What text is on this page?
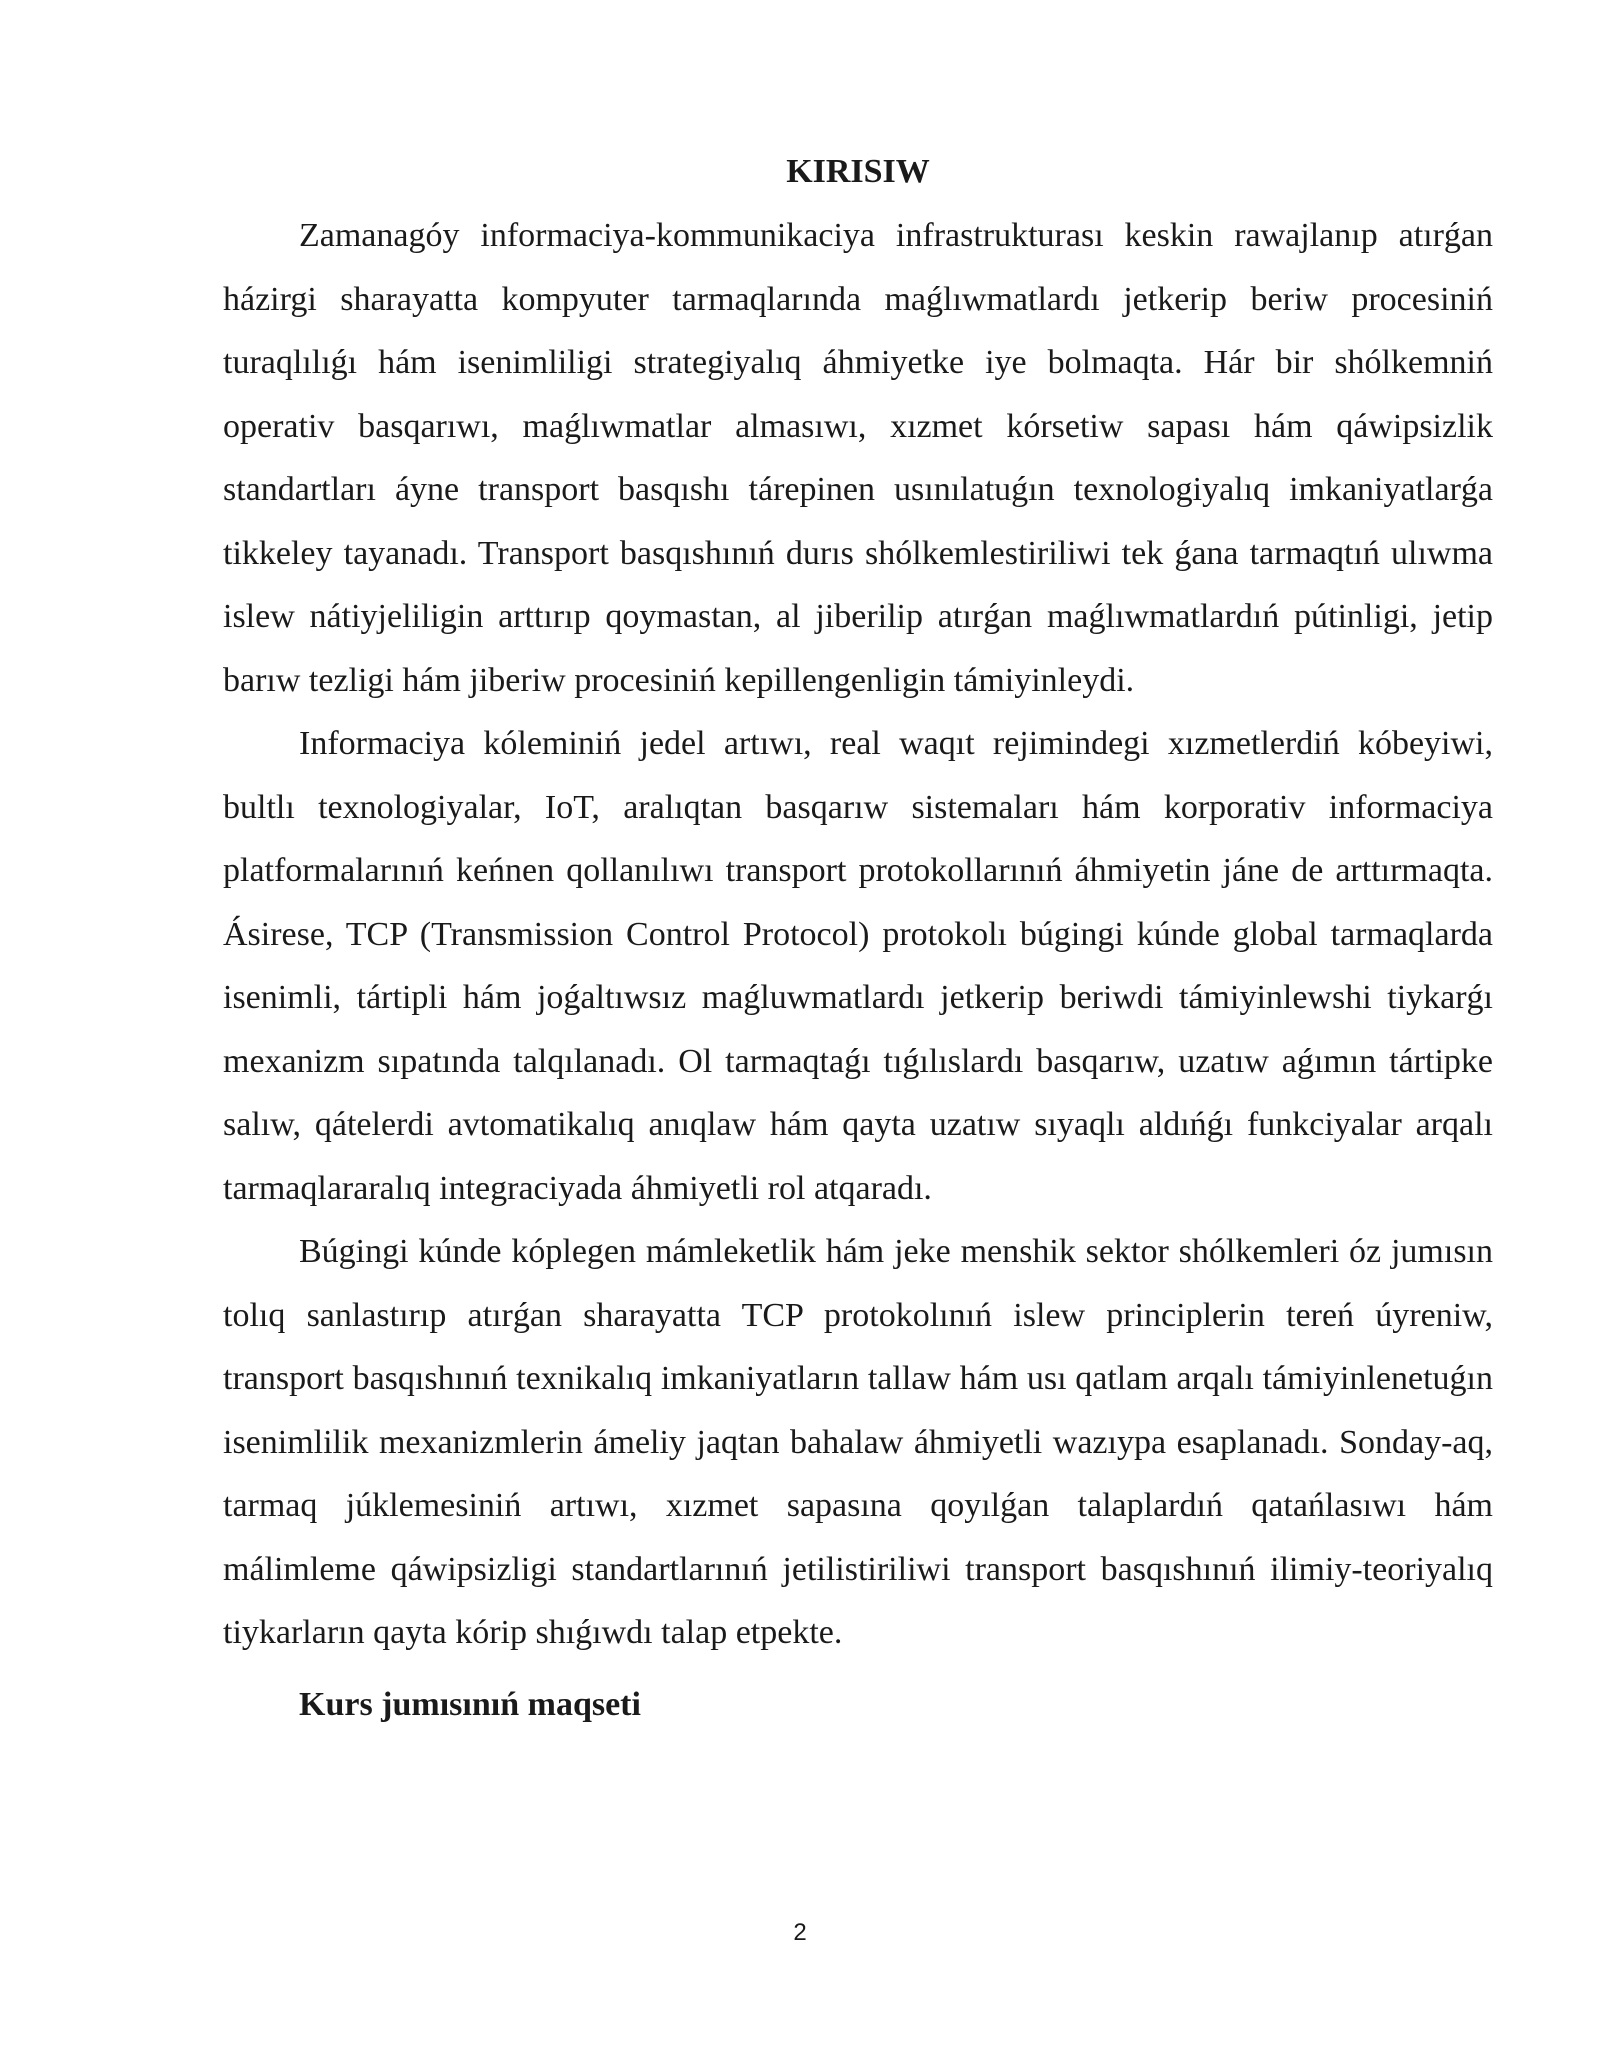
KIRISIW

Zamanagóy informaciya-kommunikaciya infrastrukturası keskin rawajlanıp atırǵan házirgi sharayatta kompyuter tarmaqlarında maǵlıwmatlardı jetkerip beriw procesiniń turaqlılıǵı hám isenimliligi strategiyalıq áhmiyetke iye bolmaqta. Hár bir shólkemniń operativ basqarıwı, maǵlıwmatlar almasıwı, xızmet kórsetiw sapası hám qáwipsizlik standartları áyne transport basqıshı tárepinen usınılatuǵın texnologiyalıq imkaniyatlarǵa tikkeley tayanadı. Transport basqıshınıń durıs shólkemlestiriliwi tek ǵana tarmaqtıń ulıwma islew nátiyjeliligin arttırıp qoymastan, al jiberilip atırǵan maǵlıwmatlardıń pútinligi, jetip barıw tezligi hám jiberiw procesiniń kepillengenligin támiyinleydi.

Informaciya kóleminiń jedel artıwı, real waqıt rejimindegi xızmetlerdiń kóbeyiwi, bultlı texnologiyalar, IoT, aralıqtan basqarıw sistemaları hám korporativ informaciya platformalarınıń keńnen qollanılıwı transport protokollarınıń áhmiyetin jáne de arttırmaqta. Ásirese, TCP (Transmission Control Protocol) protokolı búgingi kúnde global tarmaqlarda isenimli, tártipli hám joǵaltıwsız maǵluwmatlardı jetkerip beriwdi támiyinlewshi tiykarǵı mexanizm sıpatında talqılanadı. Ol tarmaqtaǵı tıǵılıslardı basqarıw, uzatıw aǵımın tártipke salıw, qátelerdi avtomatikalıq anıqlaw hám qayta uzatıw sıyaqlı aldıńǵı funkciyalar arqalı tarmaqlararalıq integraciyada áhmiyetli rol atqaradı.

Búgingi kúnde kóplegen mámleketlik hám jeke menshik sektor shólkemleri óz jumısın tolıq sanlastırıp atırǵan sharayatta TCP protokolınıń islew principlerin tereń úyreniw, transport basqıshınıń texnikalıq imkaniyatların tallaw hám usı qatlam arqalı támiyinlenetuǵın isenimlilik mexanizmlerin ámeliy jaqtan bahalaw áhmiyetli wazıypa esaplanadı. Sonday-aq, tarmaq júklemesiniń artıwı, xızmet sapasına qoyılǵan talaplardıń qatańlasıwı hám málimleme qáwipsizligi standartlarınıń jetilistiriliwi transport basqıshınıń ilimiy-teoriyalıq tiykarların qayta kórip shıǵıwdı talap etpekte.

Kurs jumısınıń maqseti
2
